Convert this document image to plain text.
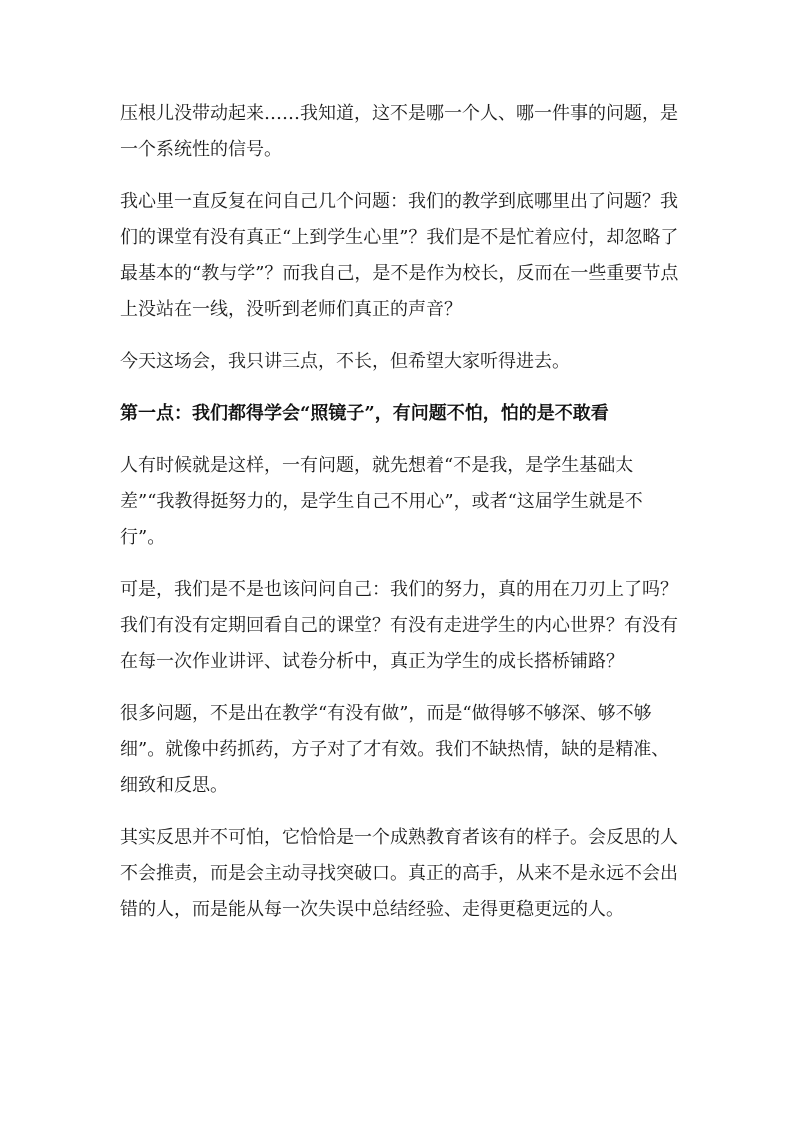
压根儿没带动起来……我知道，这不是哪一个人、哪一件事的问题，是一个系统性的信号。

我心里一直反复在问自己几个问题：我们的教学到底哪里出了问题？我们的课堂有没有真正“上到学生心里”？我们是不是忙着应付，却忽略了最基本的“教与学”？而我自己，是不是作为校长，反而在一些重要节点上没站在一线，没听到老师们真正的声音？

今天这场会，我只讲三点，不长，但希望大家听得进去。

第一点：我们都得学会“照镜子”，有问题不怕，怕的是不敢看

人有时候就是这样，一有问题，就先想着“不是我，是学生基础太差”“我教得挺努力的，是学生自己不用心”，或者“这届学生就是不行”。

可是，我们是不是也该问问自己：我们的努力，真的用在刀刃上了吗？我们有没有定期回看自己的课堂？有没有走进学生的内心世界？有没有在每一次作业讲评、试卷分析中，真正为学生的成长搭桥铺路？

很多问题，不是出在教学“有没有做”，而是“做得够不够深、够不够细”。就像中药抓药，方子对了才有效。我们不缺热情，缺的是精准、细致和反思。

其实反思并不可怕，它恰恰是一个成熟教育者该有的样子。会反思的人不会推责，而是会主动寻找突破口。真正的高手，从来不是永远不会出错的人，而是能从每一次失误中总结经验、走得更稳更远的人。
